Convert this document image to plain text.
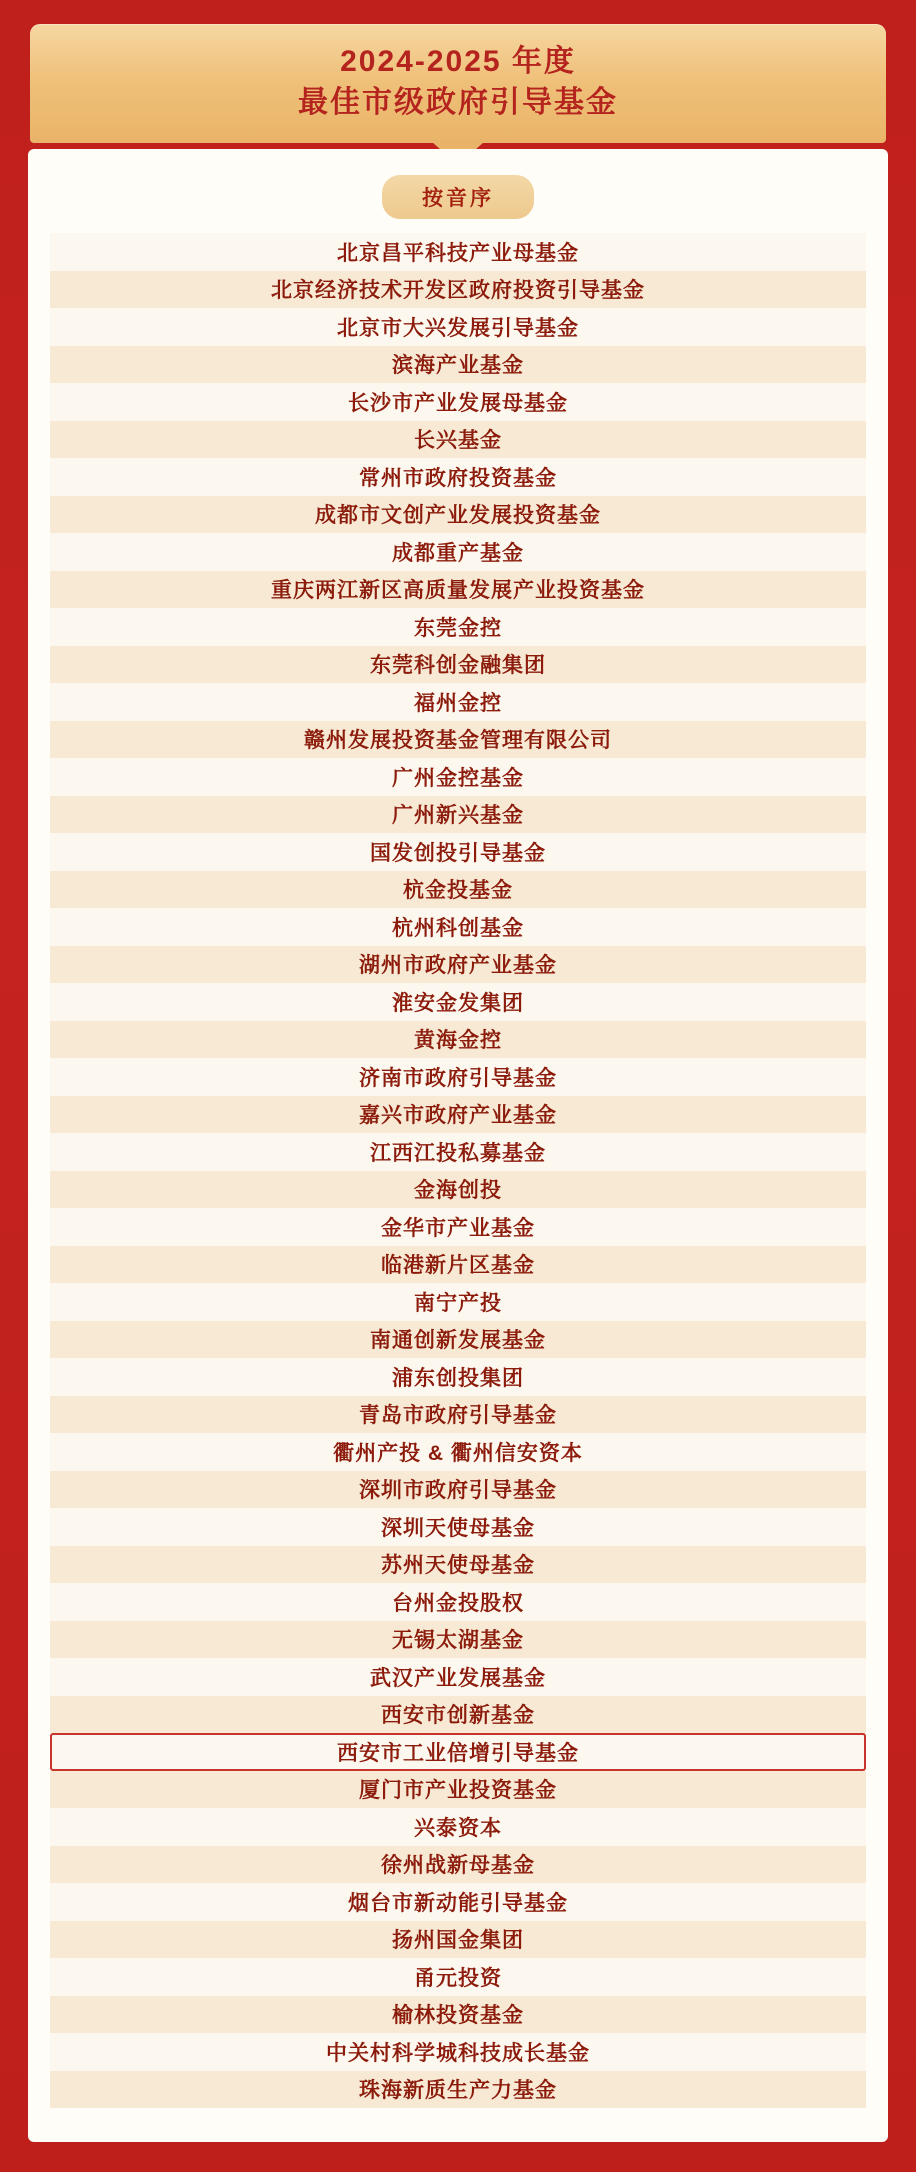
2024-2025 年度
最佳市级政府引导基金
按音序
北京昌平科技产业母基金
北京经济技术开发区政府投资引导基金
北京市大兴发展引导基金
滨海产业基金
长沙市产业发展母基金
长兴基金
常州市政府投资基金
成都市文创产业发展投资基金
成都重产基金
重庆两江新区高质量发展产业投资基金
东莞金控
东莞科创金融集团
福州金控
赣州发展投资基金管理有限公司
广州金控基金
广州新兴基金
国发创投引导基金
杭金投基金
杭州科创基金
湖州市政府产业基金
淮安金发集团
黄海金控
济南市政府引导基金
嘉兴市政府产业基金
江西江投私募基金
金海创投
金华市产业基金
临港新片区基金
南宁产投
南通创新发展基金
浦东创投集团
青岛市政府引导基金
衢州产投 & 衢州信安资本
深圳市政府引导基金
深圳天使母基金
苏州天使母基金
台州金投股权
无锡太湖基金
武汉产业发展基金
西安市创新基金
西安市工业倍增引导基金
厦门市产业投资基金
兴泰资本
徐州战新母基金
烟台市新动能引导基金
扬州国金集团
甬元投资
榆林投资基金
中关村科学城科技成长基金
珠海新质生产力基金
